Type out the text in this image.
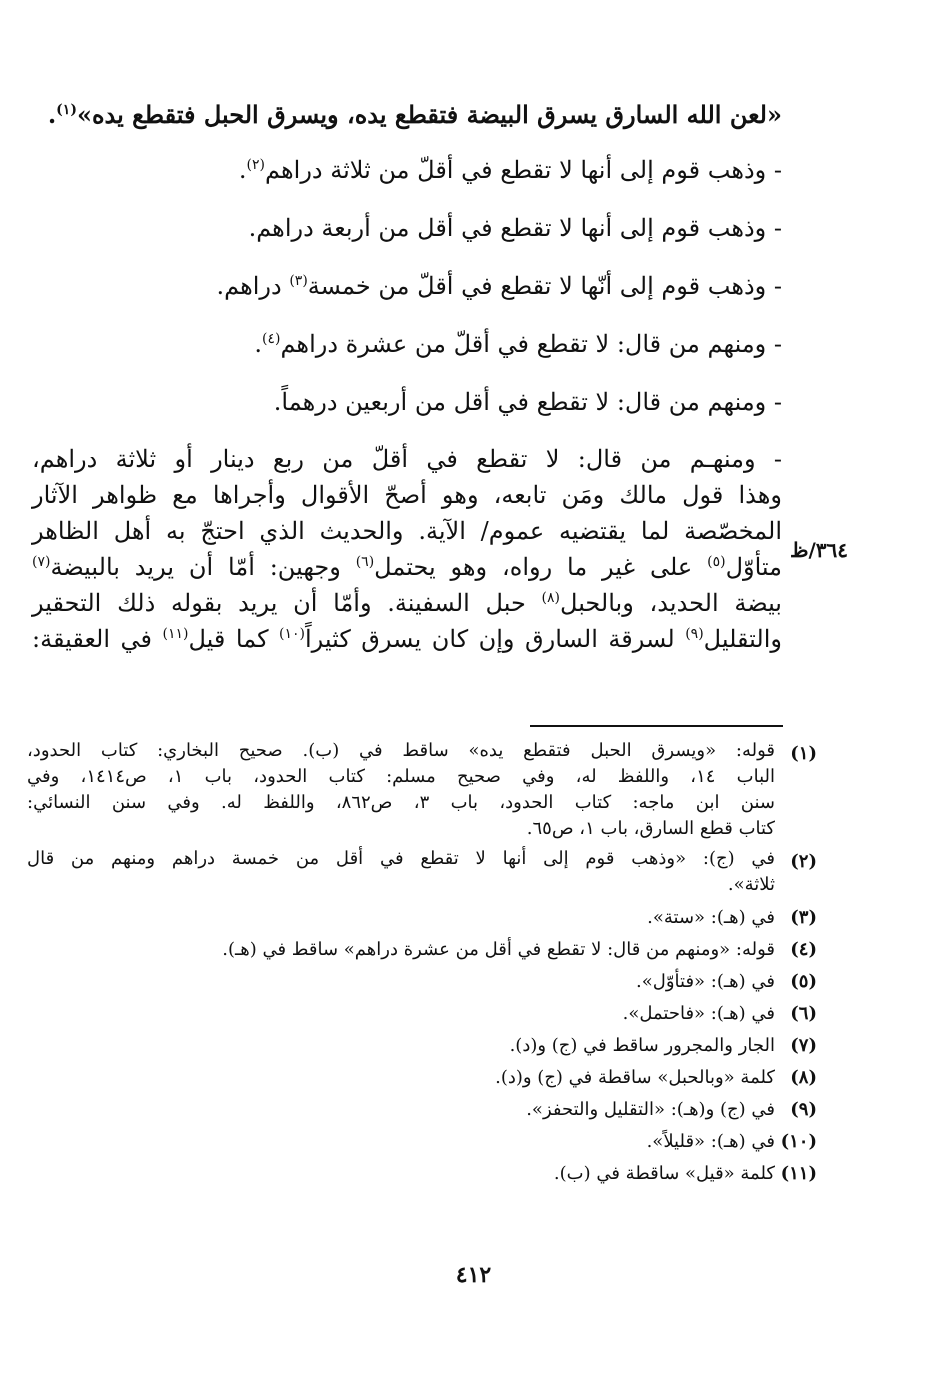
«لعن الله السارق يسرق البيضة فتقطع يده، ويسرق الحبل فتقطع يده»$^{(١)}$.

- وذهب قوم إلى أنها لا تقطع في أقلّ من ثلاثة دراهم$^{(٢)}$.

- وذهب قوم إلى أنها لا تقطع في أقل من أربعة دراهم.

- وذهب قوم إلى أنّها لا تقطع في أقلّ من خمسة$^{(٣)}$ دراهم.

- ومنهم من قال: لا تقطع في أقلّ من عشرة دراهم$^{(٤)}$.

- ومنهم من قال: لا تقطع في أقل من أربعين درهماً.

- ومنهـم من قال: لا تقطع في أقلّ من ربع دينار أو ثلاثة دراهم،
وهذا قول مالك ومَن تابعه، وهو أصحّ الأقوال وأجراها مع ظواهر الآثار
المخصّصة لما يقتضيه عموم/ الآية. والحديث الذي احتجّ به أهل الظاهر
متأوّل$^{(٥)}$ على غير ما رواه، وهو يحتمل$^{(٦)}$ وجهين: أمّا أن يريد بالبيضة$^{(٧)}$
بيضة الحديد، وبالحبل$^{(٨)}$ حبل السفينة. وأمّا أن يريد بقوله ذلك التحقير
والتقليل$^{(٩)}$ لسرقة السارق وإن كان يسرق كثيراً$^{(١٠)}$ كما قيل$^{(١١)}$ في العقيقة:
٣٦٤/ظ
(١)
قوله: «ويسرق الحبل فتقطع يده» ساقط في (ب). صحيح البخاري: كتاب الحدود،
الباب ١٤، واللفظ له، وفي صحيح مسلم: كتاب الحدود، باب ١، ص١٤١٤، وفي
سنن ابن ماجه: كتاب الحدود، باب ٣، ص٨٦٢، واللفظ له. وفي سنن النسائي:
كتاب قطع السارق، باب ١، ص٦٥.
(٢)
في (ج): «وذهب قوم إلى أنها لا تقطع في أقل من خمسة دراهم ومنهم من قال
ثلاثة».
(٣)
في (هـ): «ستة».
(٤)
قوله: «ومنهم من قال: لا تقطع في أقل من عشرة دراهم» ساقط في (هـ).
(٥)
في (هـ): «فتأوّل».
(٦)
في (هـ): «فاحتمل».
(٧)
الجار والمجرور ساقط في (ج) و(د).
(٨)
كلمة «وبالحبل» ساقطة في (ج) و(د).
(٩)
في (ج) و(هـ): «التقليل والتحفز».
(١٠)
في (هـ): «قليلاً».
(١١)
كلمة «قيل» ساقطة في (ب).
٤١٢
